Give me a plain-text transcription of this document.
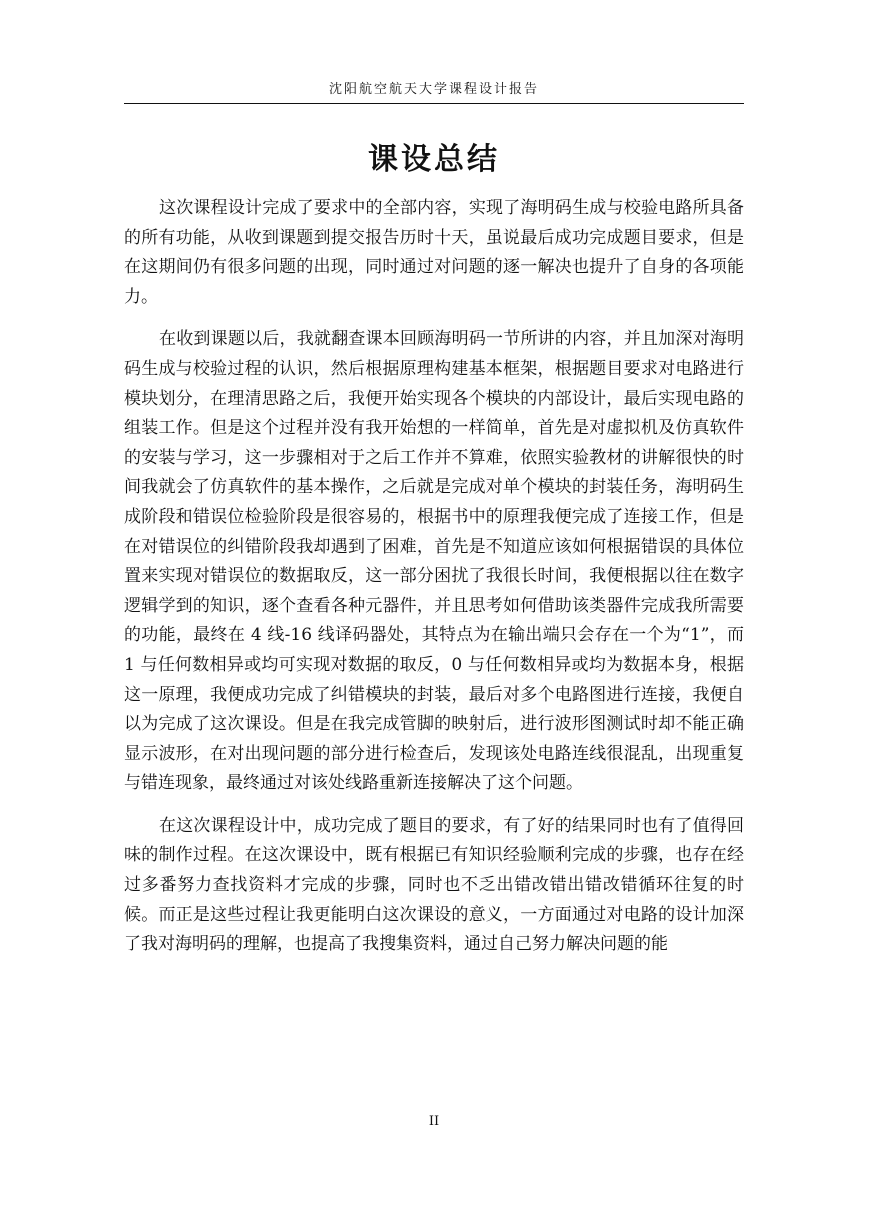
沈阳航空航天大学课程设计报告
课设总结

这次课程设计完成了要求中的全部内容，实现了海明码生成与校验电路所具备的所有功能，从收到课题到提交报告历时十天，虽说最后成功完成题目要求，但是在这期间仍有很多问题的出现，同时通过对问题的逐一解决也提升了自身的各项能力。

在收到课题以后，我就翻查课本回顾海明码一节所讲的内容，并且加深对海明码生成与校验过程的认识，然后根据原理构建基本框架，根据题目要求对电路进行模块划分，在理清思路之后，我便开始实现各个模块的内部设计，最后实现电路的组装工作。但是这个过程并没有我开始想的一样简单，首先是对虚拟机及仿真软件的安装与学习，这一步骤相对于之后工作并不算难，依照实验教材的讲解很快的时间我就会了仿真软件的基本操作，之后就是完成对单个模块的封装任务，海明码生成阶段和错误位检验阶段是很容易的，根据书中的原理我便完成了连接工作，但是在对错误位的纠错阶段我却遇到了困难，首先是不知道应该如何根据错误的具体位置来实现对错误位的数据取反，这一部分困扰了我很长时间，我便根据以往在数字逻辑学到的知识，逐个查看各种元器件，并且思考如何借助该类器件完成我所需要的功能，最终在 4 线-16 线译码器处，其特点为在输出端只会存在一个为“1”，而 1 与任何数相异或均可实现对数据的取反，0 与任何数相异或均为数据本身，根据这一原理，我便成功完成了纠错模块的封装，最后对多个电路图进行连接，我便自以为完成了这次课设。但是在我完成管脚的映射后，进行波形图测试时却不能正确显示波形，在对出现问题的部分进行检查后，发现该处电路连线很混乱，出现重复与错连现象，最终通过对该处线路重新连接解决了这个问题。

在这次课程设计中，成功完成了题目的要求，有了好的结果同时也有了值得回味的制作过程。在这次课设中，既有根据已有知识经验顺利完成的步骤，也存在经过多番努力查找资料才完成的步骤，同时也不乏出错改错出错改错循环往复的时候。而正是这些过程让我更能明白这次课设的意义，一方面通过对电路的设计加深了我对海明码的理解，也提高了我搜集资料，通过自己努力解决问题的能

II
